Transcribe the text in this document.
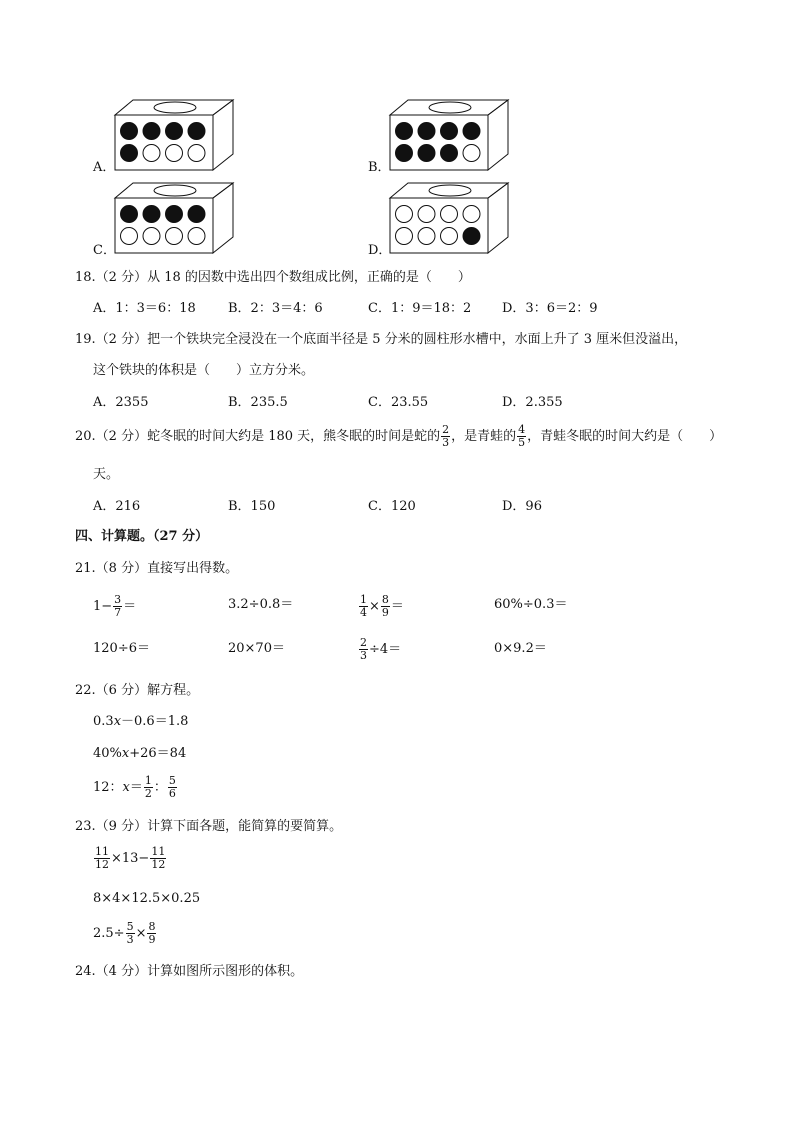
A．	B．
C．	D．
18.（2 分）从 18 的因数中选出四个数组成比例，正确的是（　　）
A．1：3＝6：18 B．2：3＝4：6	C．1：9＝18：2 D．3：6＝2：9
19.（2 分）把一个铁块完全浸没在一个底面半径是 5 分米的圆柱形水槽中，水面上升了 3 厘米但没溢出，
这个铁块的体积是（　　）立方分米。
A．2355	B．235.5	C．23.55	D．2.355
20.（2 分）蛇冬眠的时间大约是 180 天，熊冬眠的时间是蛇的 $\frac{2}{3}$ ，是青蛙的 $\frac{4}{5}$ ，青蛙冬眠的时间大约是（　　）
天。
A．216	B．150	C．120	D．96
四、计算题。（27 分）
21.（8 分）直接写出得数。
$1- \frac{3}{7}$ ＝	3.2÷0.8＝	$\frac{1}{4} \times \frac{8}{9}$ ＝	60%÷0.3＝
120÷6＝	20×70＝	$\frac{2}{3} \div 4=$	0×9.2＝
22.（6 分）解方程。
0.3x－0.6＝1.8
40%x+26＝84
12：$x= \frac{1}{2}$ ： $\frac{5}{6}$
23.（9 分）计算下面各题，能简算的要简算。
$\frac{11}{12} \times 13- \frac{11}{12}$
8×4×12.5×0.25
$2.5\div \frac{5}{3} \times \frac{8}{9}$
24.（4 分）计算如图所示图形的体积。
